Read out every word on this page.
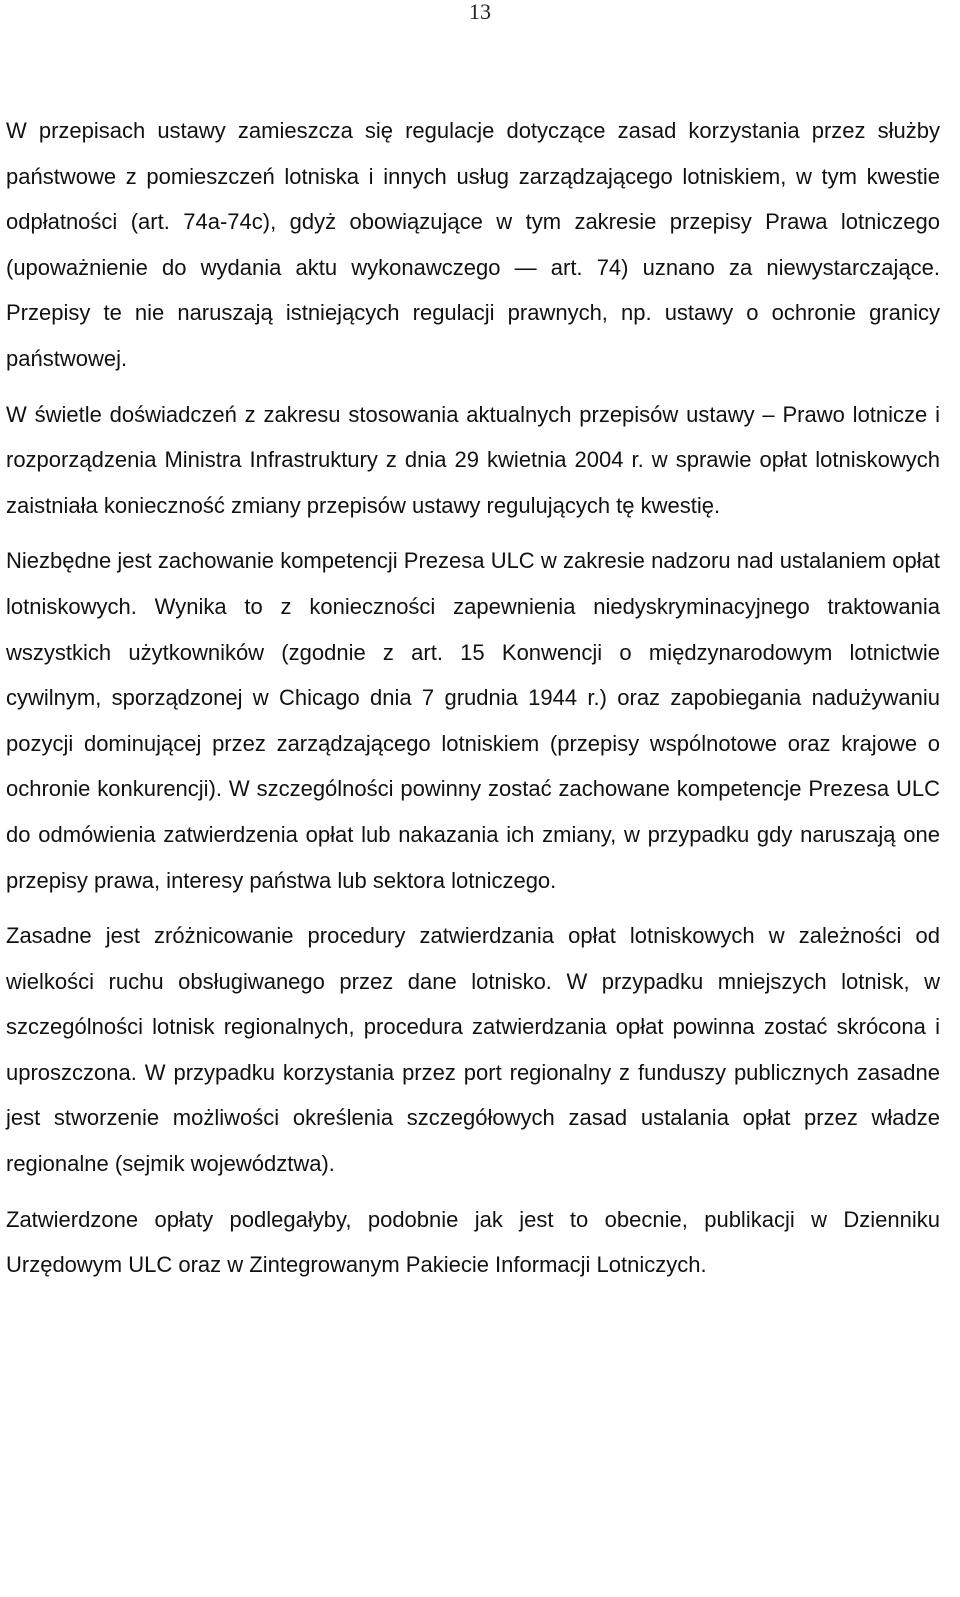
13

W przepisach ustawy zamieszcza się regulacje dotyczące zasad korzystania przez służby państwowe z pomieszczeń lotniska i innych usług zarządzającego lotniskiem, w tym kwestie odpłatności (art. 74a-74c), gdyż obowiązujące w tym zakresie przepisy Prawa lotniczego (upoważnienie do wydania aktu wykonawczego — art. 74) uznano za niewystarczające. Przepisy te nie naruszają istniejących regulacji prawnych, np. ustawy o ochronie granicy państwowej.

W świetle doświadczeń z zakresu stosowania aktualnych przepisów ustawy – Prawo lotnicze i rozporządzenia Ministra Infrastruktury z dnia 29 kwietnia 2004 r. w sprawie opłat lotniskowych zaistniała konieczność zmiany przepisów ustawy regulujących tę kwestię.

Niezbędne jest zachowanie kompetencji Prezesa ULC w zakresie nadzoru nad ustalaniem opłat lotniskowych. Wynika to z konieczności zapewnienia niedyskryminacyjnego traktowania wszystkich użytkowników (zgodnie z art. 15 Konwencji o międzynarodowym lotnictwie cywilnym, sporządzonej w Chicago dnia 7 grudnia 1944 r.) oraz zapobiegania nadużywaniu pozycji dominującej przez zarządzającego lotniskiem (przepisy wspólnotowe oraz krajowe o ochronie konkurencji). W szczególności powinny zostać zachowane kompetencje Prezesa ULC do odmówienia zatwierdzenia opłat lub nakazania ich zmiany, w przypadku gdy naruszają one przepisy prawa, interesy państwa lub sektora lotniczego.

Zasadne jest zróżnicowanie procedury zatwierdzania opłat lotniskowych w zależności od wielkości ruchu obsługiwanego przez dane lotnisko. W przypadku mniejszych lotnisk, w szczególności lotnisk regionalnych, procedura zatwierdzania opłat powinna zostać skrócona i uproszczona. W przypadku korzystania przez port regionalny z funduszy publicznych zasadne jest stworzenie możliwości określenia szczegółowych zasad ustalania opłat przez władze regionalne (sejmik województwa).

Zatwierdzone opłaty podlegałyby, podobnie jak jest to obecnie, publikacji w Dzienniku Urzędowym ULC oraz w Zintegrowanym Pakiecie Informacji Lotniczych.
